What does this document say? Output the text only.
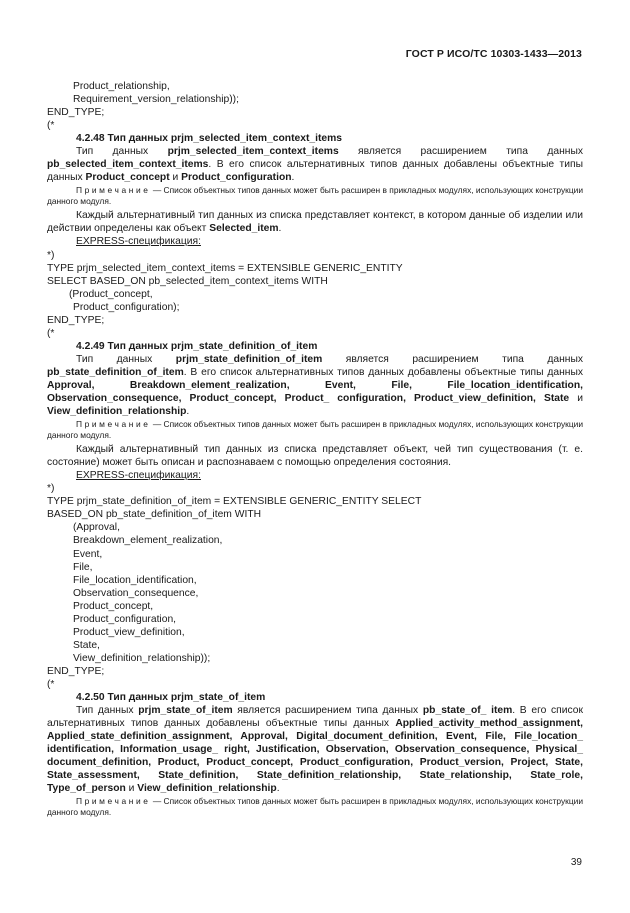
ГОСТ Р ИСО/ТС 10303-1433—2013
Product_relationship,
Requirement_version_relationship));
END_TYPE;
(*
4.2.48 Тип данных prjm_selected_item_context_items
Тип данных prjm_selected_item_context_items является расширением типа данных pb_selected_item_context_items. В его список альтернативных типов данных добавлены объектные типы данных Product_concept и Product_configuration.
Примечание — Список объектных типов данных может быть расширен в прикладных модулях, использующих конструкции данного модуля.
Каждый альтернативный тип данных из списка представляет контекст, в котором данные об изделии или действии определены как объект Selected_item.
EXPRESS-спецификация:
*)
TYPE prjm_selected_item_context_items = EXTENSIBLE GENERIC_ENTITY
SELECT BASED_ON pb_selected_item_context_items WITH
(Product_concept,
Product_configuration);
END_TYPE;
(*
4.2.49 Тип данных prjm_state_definition_of_item
Тип данных prjm_state_definition_of_item является расширением типа данных pb_state_definition_of_item. В его список альтернативных типов данных добавлены объектные типы данных Approval, Breakdown_element_realization, Event, File, File_location_identification, Observation_consequence, Product_concept, Product_ configuration, Product_view_definition, State и View_definition_relationship.
Примечание — Список объектных типов данных может быть расширен в прикладных модулях, использующих конструкции данного модуля.
Каждый альтернативный тип данных из списка представляет объект, чей тип существования (т. е. состояние) может быть описан и распознаваем с помощью определения состояния.
EXPRESS-спецификация:
*)
TYPE prjm_state_definition_of_item = EXTENSIBLE GENERIC_ENTITY SELECT
BASED_ON pb_state_definition_of_item WITH
(Approval,
Breakdown_element_realization,
Event,
File,
File_location_identification,
Observation_consequence,
Product_concept,
Product_configuration,
Product_view_definition,
State,
View_definition_relationship));
END_TYPE;
(*
4.2.50 Тип данных prjm_state_of_item
Тип данных prjm_state_of_item является расширением типа данных pb_state_of_ item. В его список альтернативных типов данных добавлены объектные типы данных Applied_activity_method_assignment, Applied_state_definition_assignment, Approval, Digital_document_definition, Event, File, File_location_ identification, Information_usage_ right, Justification, Observation, Observation_consequence, Physical_ document_definition, Product, Product_concept, Product_configuration, Product_version, Project, State, State_assessment, State_definition, State_definition_relationship, State_relationship, State_role, Type_of_person и View_definition_relationship.
Примечание — Список объектных типов данных может быть расширен в прикладных модулях, использующих конструкции данного модуля.
39
